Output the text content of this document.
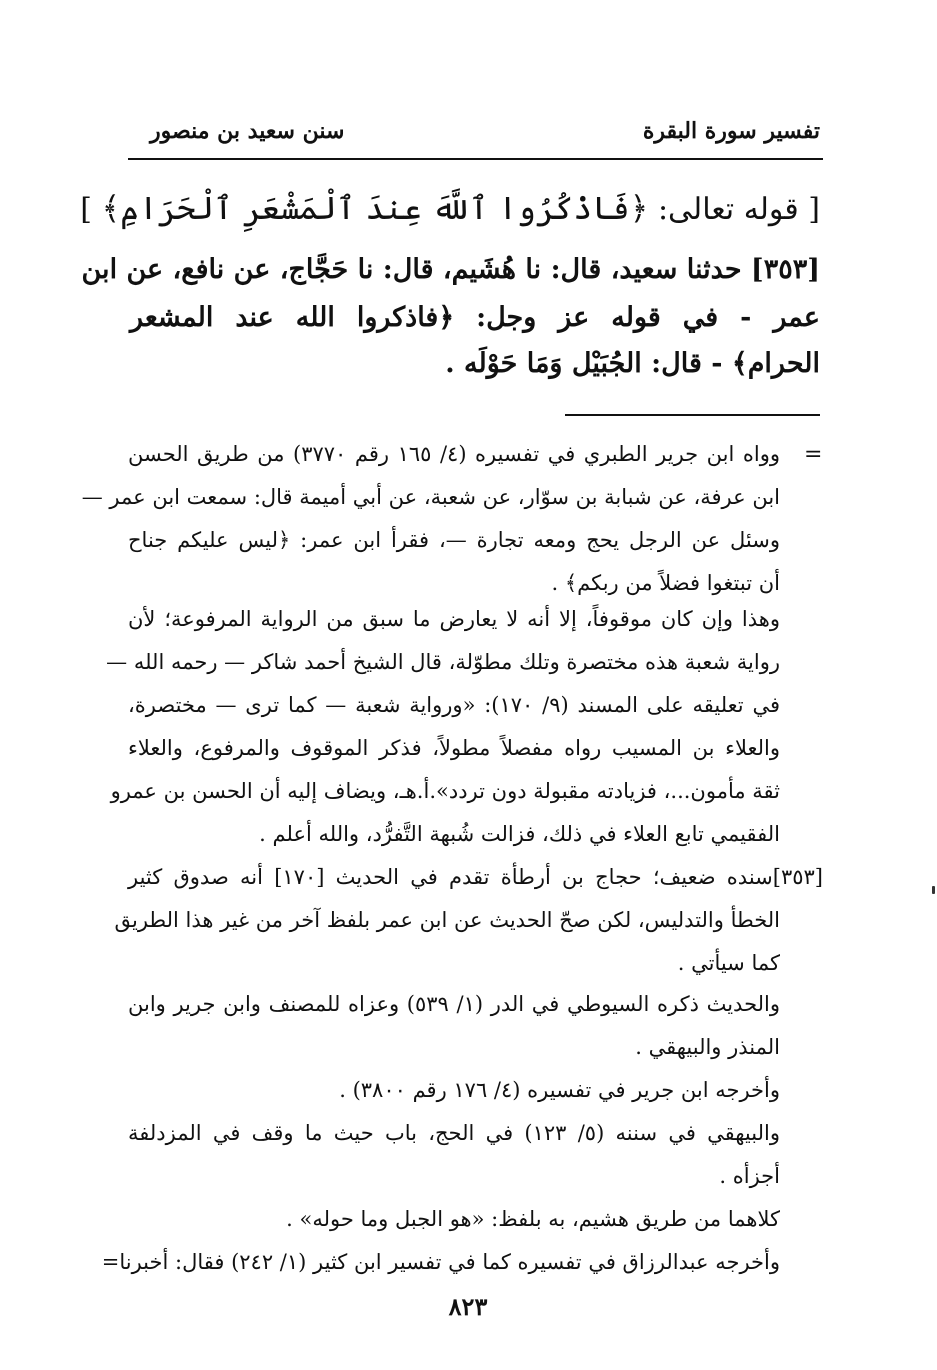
تفسير سورة البقرة
سنن سعيد بن منصور
[ قوله تعالى: ﴿فَاذْكُرُوا ٱللَّهَ عِندَ ٱلْمَشْعَرِ ٱلْحَرَامِ﴾ ]
[٣٥٣] حدثنا سعيد، قال: نا هُشَيم، قال: نا حَجَّاج، عن نافع، عن ابن
عمر - في قوله عز وجل: ﴿فاذكروا الله عند المشعر
الحرام﴾ - قال: الجُبَيْل وَمَا حَوْلَه .
=
وواه ابن جرير الطبري في تفسيره (٤/ ١٦٥ رقم ٣٧٧٠) من طريق الحسن
ابن عرفة، عن شبابة بن سوّار، عن شعبة، عن أبي أميمة قال: سمعت ابن عمر —
وسئل عن الرجل يحج ومعه تجارة —، فقرأ ابن عمر: ﴿ليس عليكم جناح
أن تبتغوا فضلاً من ربكم﴾ .
وهذا وإن كان موقوفاً، إلا أنه لا يعارض ما سبق من الرواية المرفوعة؛ لأن
رواية شعبة هذه مختصرة وتلك مطوّلة، قال الشيخ أحمد شاكر — رحمه الله —
في تعليقه على المسند (٩/ ١٧٠): «ورواية شعبة — كما ترى — مختصرة،
والعلاء بن المسيب رواه مفصلاً مطولاً، فذكر الموقوف والمرفوع، والعلاء
ثقة مأمون...، فزيادته مقبولة دون تردد».أ.هـ، ويضاف إليه أن الحسن بن عمرو
الفقيمي تابع العلاء في ذلك، فزالت شُبهة التَّفرُّد، والله أعلم .
[٣٥٣]سنده ضعيف؛ حجاج بن أرطأة تقدم في الحديث [١٧٠] أنه صدوق كثير
الخطأ والتدليس، لكن صحّ الحديث عن ابن عمر بلفظ آخر من غير هذا الطريق
كما سيأتي .
والحديث ذكره السيوطي في الدر (١/ ٥٣٩) وعزاه للمصنف وابن جرير وابن
المنذر والبيهقي .
وأخرجه ابن جرير في تفسيره (٤/ ١٧٦ رقم ٣٨٠٠) .
والبيهقي في سننه (٥/ ١٢٣) في الحج، باب حيث ما وقف في المزدلفة
أجزأه .
كلاهما من طريق هشيم، به بلفظ: «هو الجبل وما حوله» .
وأخرجه عبدالرزاق في تفسيره كما في تفسير ابن كثير (١/ ٢٤٢) فقال: أخبرنا=
٨٢٣
